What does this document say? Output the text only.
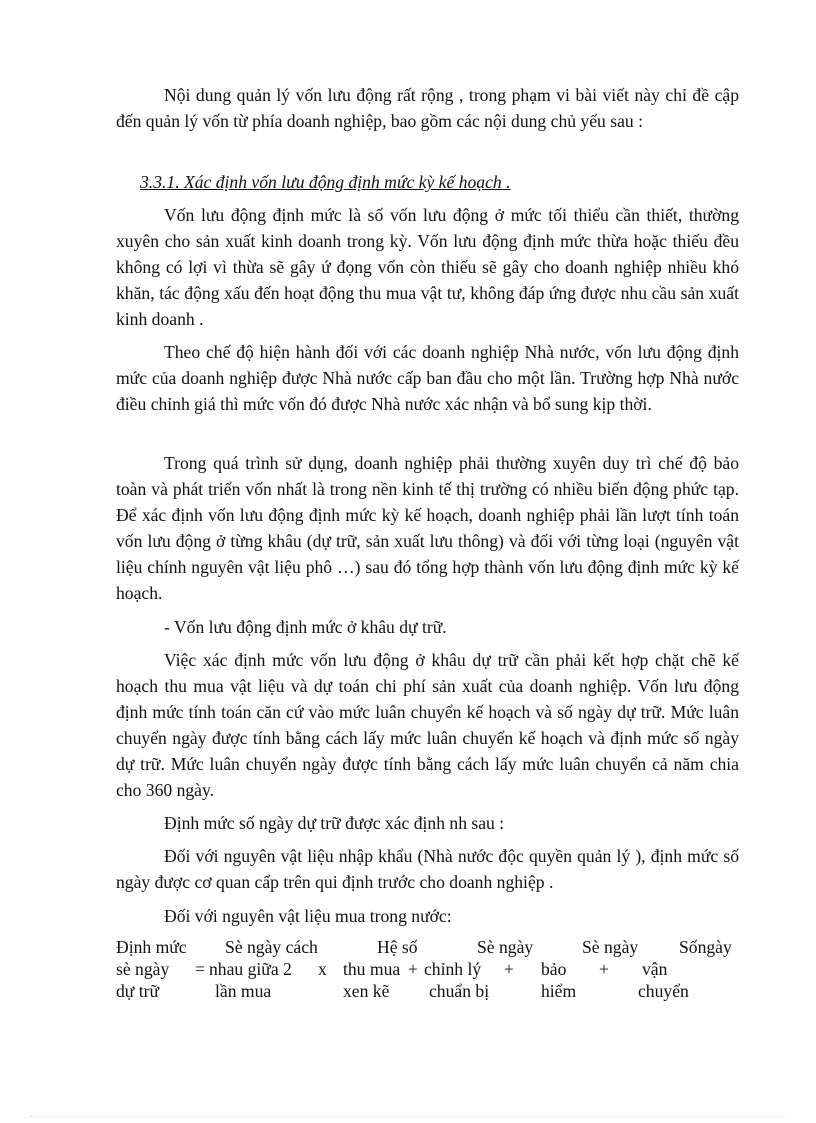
Nội dung quản lý vốn lưu động rất rộng , trong phạm vi bài viết này chỉ đề cập đến quản lý vốn từ phía doanh nghiệp, bao gồm các nội dung chủ yếu sau :

3.3.1. Xác định vốn lưu động định mức kỳ kế hoạch .

Vốn lưu động định mức là số vốn lưu động ở mức tối thiểu cần thiết, thường xuyên cho sản xuất kinh doanh trong kỳ. Vốn lưu động định mức thừa hoặc thiếu đều không có lợi vì thừa sẽ gây ứ đọng vốn còn thiếu sẽ gây cho doanh nghiệp nhiều khó khăn, tác động xấu đến hoạt động thu mua vật tư, không đáp ứng được nhu cầu sản xuất kinh doanh .

Theo chế độ hiện hành đối với các doanh nghiệp Nhà nước, vốn lưu động định mức của doanh nghiệp được Nhà nước cấp ban đầu cho một lần. Trường hợp Nhà nước điều chỉnh giá thì mức vốn đó được Nhà nước xác nhận và bổ sung kịp thời.

Trong quá trình sử dụng, doanh nghiệp phải thường xuyên duy trì chế độ bảo toàn và phát triển vốn nhất là trong nền kinh tế thị trường có nhiều biến động phức tạp. Để xác định vốn lưu động định mức kỳ kế hoạch, doanh nghiệp phải lần lượt tính toán vốn lưu động ở từng khâu (dự trữ, sản xuất lưu thông) và đối với từng loại (nguyên vật liệu chính nguyên vật liệu phô …) sau đó tổng hợp thành vốn lưu động định mức kỳ kế hoạch.

- Vốn lưu động định mức ở khâu dự trữ.

Việc xác định mức vốn lưu động ở khâu dự trữ cần phải kết hợp chặt chẽ kế hoạch thu mua vật liệu và dự toán chi phí sản xuất của doanh nghiệp. Vốn lưu động định mức tính toán căn cứ vào mức luân chuyển kế hoạch và số ngày dự trữ. Mức luân chuyển ngày được tính bằng cách lấy mức luân chuyển kế hoạch và định mức số ngày dự trữ. Mức luân chuyển ngày được tính bằng cách lấy mức luân chuyển cả năm chia cho 360 ngày.

Định mức số ngày dự trữ được xác định nh sau :

Đối với nguyên vật liệu nhập khẩu (Nhà nước độc quyền quản lý ), định mức số ngày được cơ quan cấp trên qui định trước cho doanh nghiệp .

Đối với nguyên vật liệu mua trong nước:

Định mức
sè ngày
dự trữ
=
Sè ngày cách
nhau giữa 2
lần mua
x
Hệ số
thu mua
xen kẽ
+
Sè ngày
chỉnh lý
chuẩn bị
+
Sè ngày
bảo
hiểm
+
Sốngày
vận
chuyển
